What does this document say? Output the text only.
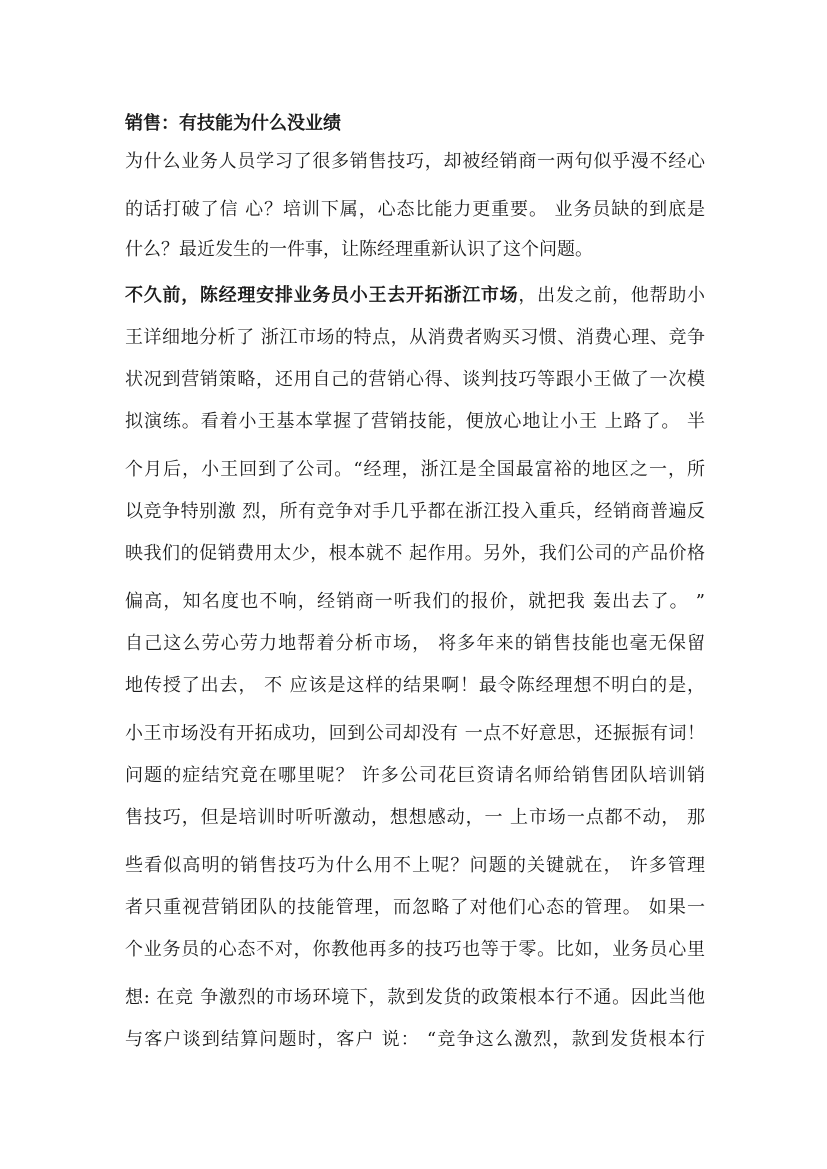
销售：有技能为什么没业绩

为什么业务人员学习了很多销售技巧，却被经销商一两句似乎漫不经心

的话打破了信 心？培训下属，心态比能力更重要。 业务员缺的到底是

什么？最近发生的一件事，让陈经理重新认识了这个问题。

不久前，陈经理安排业务员小王去开拓浙江市场，出发之前，他帮助小

王详细地分析了 浙江市场的特点，从消费者购买习惯、消费心理、竞争

状况到营销策略，还用自己的营销心得、谈判技巧等跟小王做了一次模

拟演练。看着小王基本掌握了营销技能，便放心地让小王 上路了。 半

个月后，小王回到了公司。“经理，浙江是全国最富裕的地区之一，所

以竞争特别激 烈，所有竞争对手几乎都在浙江投入重兵，经销商普遍反

映我们的促销费用太少，根本就不 起作用。另外，我们公司的产品价格

偏高，知名度也不响，经销商一听我们的报价，就把我 轰出去了。 ”

自己这么劳心劳力地帮着分析市场， 将多年来的销售技能也毫无保留

地传授了出去， 不 应该是这样的结果啊！最令陈经理想不明白的是，

小王市场没有开拓成功，回到公司却没有 一点不好意思，还振振有词！

问题的症结究竟在哪里呢？ 许多公司花巨资请名师给销售团队培训销

售技巧，但是培训时听听激动，想想感动，一 上市场一点都不动， 那

些看似高明的销售技巧为什么用不上呢？问题的关键就在， 许多管理

者只重视营销团队的技能管理，而忽略了对他们心态的管理。 如果一

个业务员的心态不对，你教他再多的技巧也等于零。比如，业务员心里

想: 在竞 争激烈的市场环境下，款到发货的政策根本行不通。因此当他

与客户谈到结算问题时，客户 说： “竞争这么激烈，款到发货根本行
